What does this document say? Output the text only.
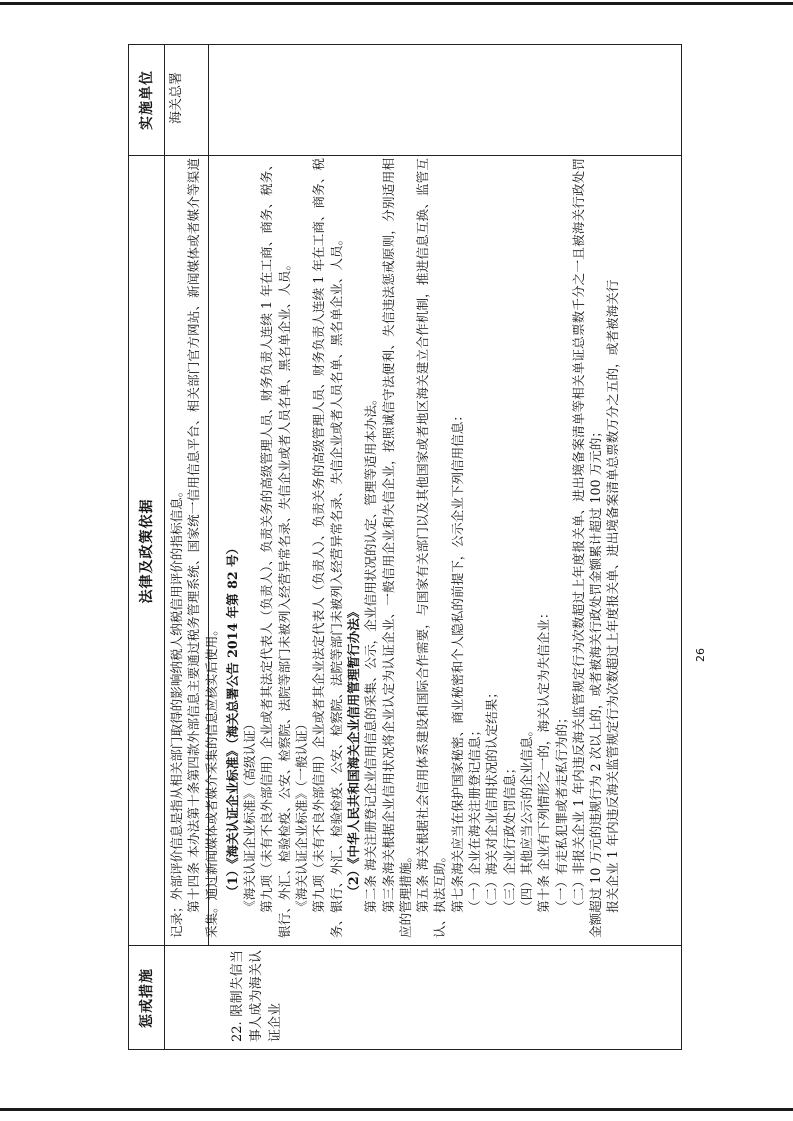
惩戒措施
法律及政策依据
实施单位
22. 限制失信当事人成为海关认证企业
海关总署

记录；外部评价信息是指从相关部门取得的影响纳税人纳税信用评价的指标信息。 第十四条 本办法第十条第四款外部信息主要通过税务管理系统、国家统一信用信息平台、相关部门官方网站、新闻媒体或者媒介等渠道采集。通过新闻媒体或者媒介采集的信息应核实后使用。 （1）《海关认证企业标准》（海关总署公告 2014 年第 82 号） 《海关认证企业标准》（高级认证） 第九项（未有不良外部信用）企业或者其法定代表人（负责人）、负责关务的高级管理人员、财务负责人连续 1 年在工商、商务、税务、银行、外汇、检验检疫、公安、检察院、法院等部门未被列入经营异常名录、失信企业或者人员名单、黑名单企业、人员。 《海关认证企业标准》（一般认证） 第九项（未有不良外部信用）企业或者其企业法定代表人（负责人）、负责关务的高级管理人员、财务负责人连续 1 年在工商、商务、税务、银行、外汇、检验检疫、公安、检察院、法院等部门未被列入经营异常名录、失信企业或者人员名单、黑名单企业、人员。 （2）《中华人民共和国海关企业信用管理暂行办法》 第二条 海关注册登记企业信用信息的采集、公示，企业信用状况的认定、管理等适用本办法。 第三条海关根据企业信用状况将企业认定为认证企业、一般信用企业和失信企业，按照诚信守法便利、失信违法惩戒原则，分别适用相应的管理措施。 第五条 海关根据社会信用体系建设和国际合作需要，与国家有关部门以及其他国家或者地区海关建立合作机制，推进信息互换、监管互认、执法互助。 第七条海关应当在保护国家秘密、商业秘密和个人隐私的前提下，公示企业下列信用信息： （一）企业在海关注册登记信息； （二）海关对企业信用状况的认定结果； （三）企业行政处罚信息； （四）其他应当公示的企业信息。 第十条 企业有下列情形之一的，海关认定为失信企业： （一）有走私犯罪或者走私行为的； （二）非报关企业 1 年内违反海关监管规定行为次数超过上年度报关单、进出境备案清单等相关单证总票数千分之一且被海关行政处罚金额超过 10 万元的违规行为 2 次以上的，或者被海关行政处罚金额累计超过 100 万元的； 报关企业 1 年内违反海关监管规定行为次数超过上年度报关单、进出境备案清单总票数万分之五的，或者被海关行	26
